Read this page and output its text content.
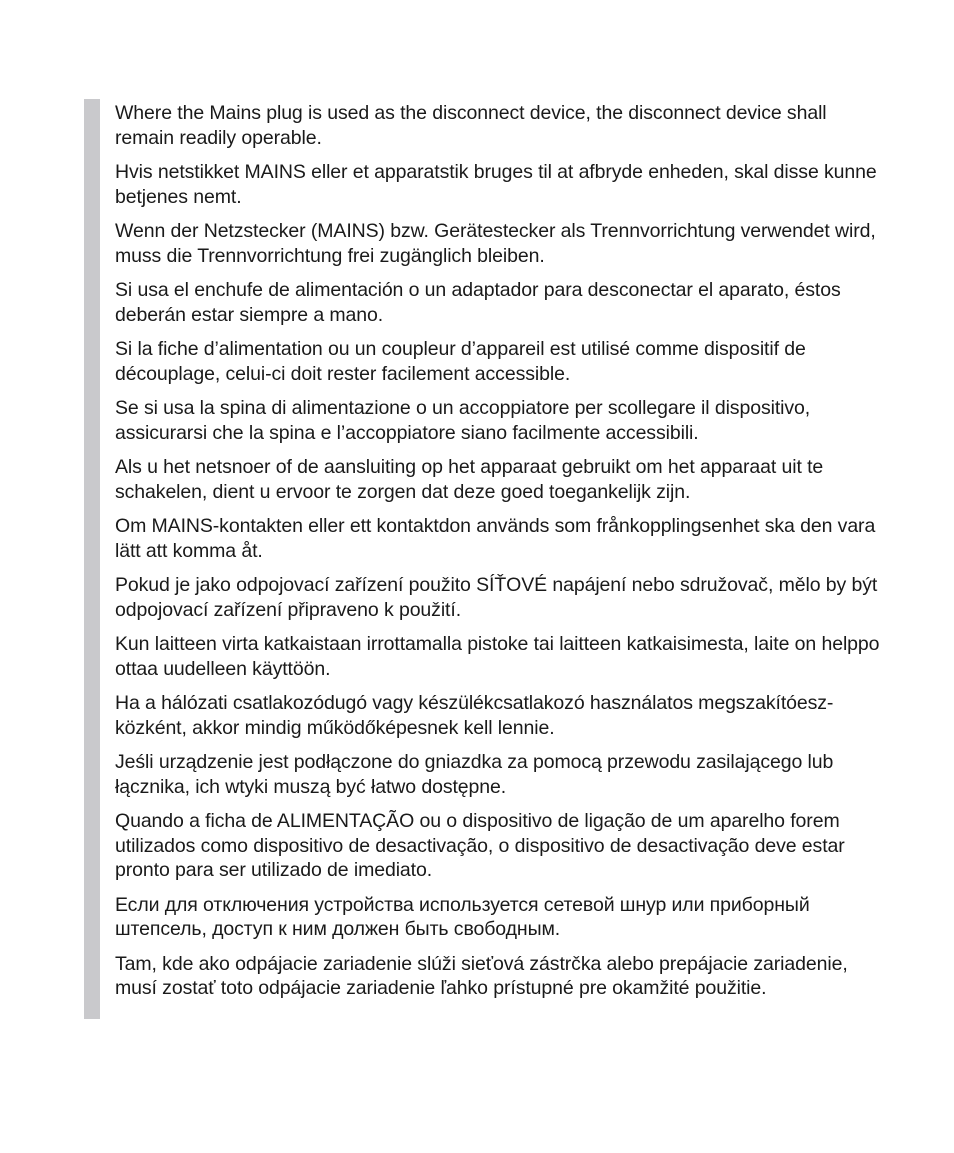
Where the Mains plug is used as the disconnect device, the disconnect device shall remain readily operable.

Hvis netstikket MAINS eller et apparatstik bruges til at afbryde enheden, skal disse kunne betjenes nemt.

Wenn der Netzstecker (MAINS) bzw. Gerätestecker als Trennvorrichtung verwendet wird, muss die Trennvorrichtung frei zugänglich bleiben.

Si usa el enchufe de alimentación o un adaptador para desconectar el aparato, éstos deberán estar siempre a mano.

Si la fiche d’alimentation ou un coupleur d’appareil est utilisé comme dispositif de découplage, celui-ci doit rester facilement accessible.

Se si usa la spina di alimentazione o un accoppiatore per scollegare il dispositivo, assicurarsi che la spina e l’accoppiatore siano facilmente accessibili.

Als u het netsnoer of de aansluiting op het apparaat gebruikt om het apparaat uit te schakelen, dient u ervoor te zorgen dat deze goed toegankelijk zijn.

Om MAINS-kontakten eller ett kontaktdon används som frånkopplingsenhet ska den vara lätt att komma åt.

Pokud je jako odpojovací zařízení použito SÍŤOVÉ napájení nebo sdružovač, mělo by být odpojovací zařízení připraveno k použití.

Kun laitteen virta katkaistaan irrottamalla pistoke tai laitteen katkaisimesta, laite on helppo ottaa uudelleen käyttöön.

Ha a hálózati csatlakozódugó vagy készülékcsatlakozó használatos megszakítóesz-közként, akkor mindig működőképesnek kell lennie.

Jeśli urządzenie jest podłączone do gniazdka za pomocą przewodu zasilającego lub łącznika, ich wtyki muszą być łatwo dostępne.

Quando a ficha de ALIMENTAÇÃO ou o dispositivo de ligação de um aparelho forem utilizados como dispositivo de desactivação, o dispositivo de desactivação deve estar pronto para ser utilizado de imediato.

Если для отключения устройства используется сетевой шнур или приборный штепсель, доступ к ним должен быть свободным.

Tam, kde ako odpájacie zariadenie slúži sieťová zástrčka alebo prepájacie zariadenie, musí zostať toto odpájacie zariadenie ľahko prístupné pre okamžité použitie.
